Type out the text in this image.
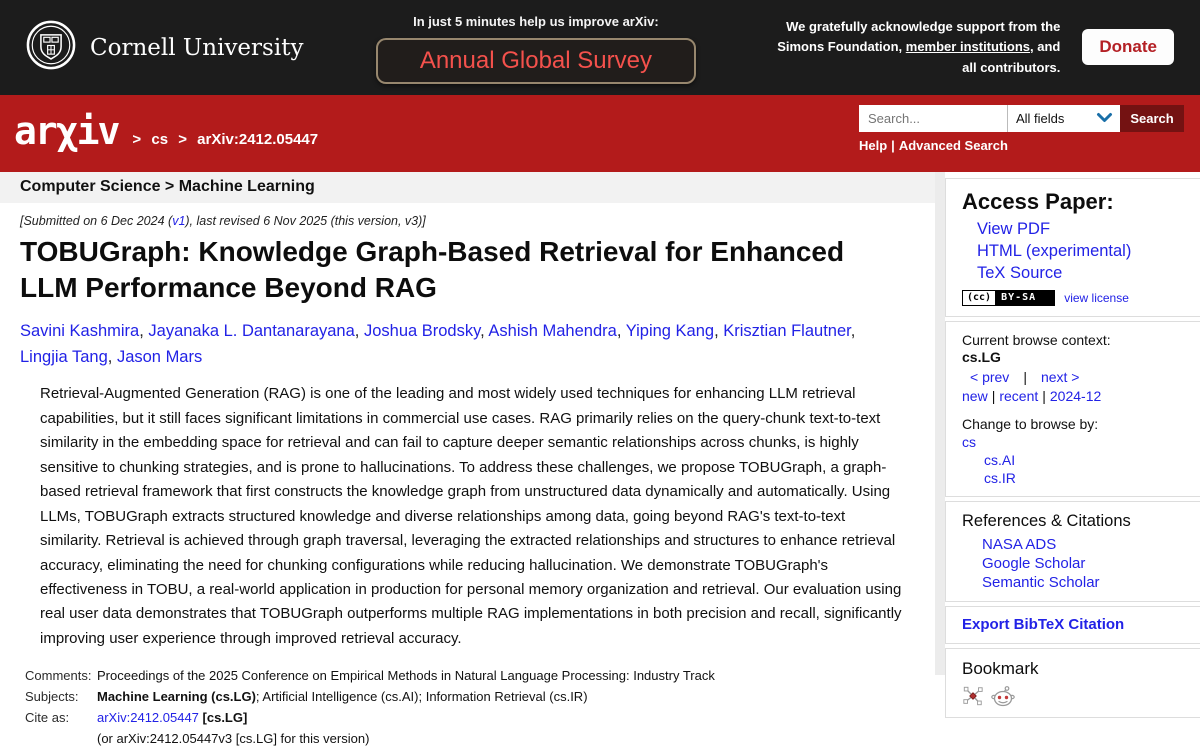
Cornell University
In just 5 minutes help us improve arXiv:
Annual Global Survey
We gratefully acknowledge support from the Simons Foundation, member institutions, and all contributors.
Donate
arχiv > cs > arXiv:2412.05447
Search...
All fields	Search
Help | Advanced Search
Computer Science > Machine Learning
[Submitted on 6 Dec 2024 (v1), last revised 6 Nov 2025 (this version, v3)]
TOBUGraph: Knowledge Graph-Based Retrieval for Enhanced LLM Performance Beyond RAG
Savini Kashmira, Jayanaka L. Dantanarayana, Joshua Brodsky, Ashish Mahendra, Yiping Kang, Krisztian Flautner, Lingjia Tang, Jason Mars

Retrieval-Augmented Generation (RAG) is one of the leading and most widely used techniques for enhancing LLM retrieval capabilities, but it still faces significant limitations in commercial use cases. RAG primarily relies on the query-chunk text-to-text similarity in the embedding space for retrieval and can fail to capture deeper semantic relationships across chunks, is highly sensitive to chunking strategies, and is prone to hallucinations. To address these challenges, we propose TOBUGraph, a graph-based retrieval framework that first constructs the knowledge graph from unstructured data dynamically and automatically. Using LLMs, TOBUGraph extracts structured knowledge and diverse relationships among data, going beyond RAG's text-to-text similarity. Retrieval is achieved through graph traversal, leveraging the extracted relationships and structures to enhance retrieval accuracy, eliminating the need for chunking configurations while reducing hallucination. We demonstrate TOBUGraph's effectiveness in TOBU, a real-world application in production for personal memory organization and retrieval. Our evaluation using real user data demonstrates that TOBUGraph outperforms multiple RAG implementations in both precision and recall, significantly improving user experience through improved retrieval accuracy.

Comments: Proceedings of the 2025 Conference on Empirical Methods in Natural Language Processing: Industry Track
Subjects:	Machine Learning (cs.LG); Artificial Intelligence (cs.AI); Information Retrieval (cs.IR)
Cite as:	arXiv:2412.05447 [cs.LG]
(or arXiv:2412.05447v3 [cs.LG] for this version)
Access Paper:
View PDF
HTML (experimental)
TeX Source
(cc)	BY-SA	view license
Current browse context:
cs.LG
< prev | next >
new | recent | 2024-12
Change to browse by:
cs
cs.AI
cs.IR
References & Citations
NASA ADS
Google Scholar
Semantic Scholar
Export BibTeX Citation
Bookmark
